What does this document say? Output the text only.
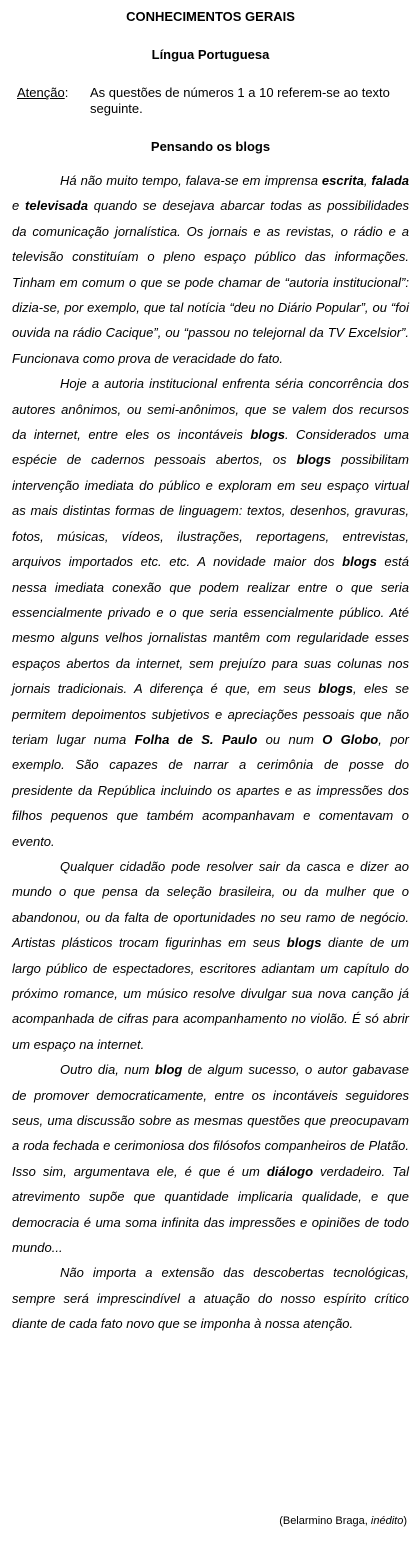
CONHECIMENTOS GERAIS

Língua Portuguesa

Atenção:	As questões de números 1 a 10 referem-se ao texto seguinte.

Pensando os blogs

Há não muito tempo, falava-se em imprensa escrita, falada e televisada quando se desejava abarcar todas as possibilidades da comunicação jornalística. Os jornais e as revistas, o rádio e a televisão constituíam o pleno espaço público das informações. Tinham em comum o que se pode chamar de “autoria institucional”: dizia-se, por exemplo, que tal notícia “deu no Diário Popular”, ou “foi ouvida na rádio Cacique”, ou “passou no telejornal da TV Excelsior”. Funcionava como prova de veracidade do fato.

Hoje a autoria institucional enfrenta séria concorrência dos autores anônimos, ou semi-anônimos, que se valem dos recursos da internet, entre eles os incontáveis blogs. Considerados uma espécie de cadernos pessoais abertos, os blogs possibilitam intervenção imediata do público e exploram em seu espaço virtual as mais distintas formas de linguagem: textos, desenhos, gravuras, fotos, músicas, vídeos, ilustrações, reportagens, entrevistas, arquivos importados etc. etc. A novidade maior dos blogs está nessa imediata conexão que podem realizar entre o que seria essencialmente privado e o que seria essencialmente público. Até mesmo alguns velhos jornalistas mantêm com regularidade esses espaços abertos da internet, sem prejuízo para suas colunas nos jornais tradicionais. A diferença é que, em seus blogs, eles se permitem depoimentos subjetivos e apreciações pessoais que não teriam lugar numa Folha de S. Paulo ou num O Globo, por exemplo. São capazes de narrar a cerimônia de posse do presidente da República incluindo os apartes e as impressões dos filhos pequenos que também acompanhavam e comentavam o evento.

Qualquer cidadão pode resolver sair da casca e dizer ao mundo o que pensa da seleção brasileira, ou da mulher que o abandonou, ou da falta de oportunidades no seu ramo de negócio. Artistas plásticos trocam figurinhas em seus blogs diante de um largo público de espectadores, escritores adiantam um capítulo do próximo romance, um músico resolve divulgar sua nova canção já acompanhada de cifras para acompanhamento no violão. É só abrir um espaço na internet.

Outro dia, num blog de algum sucesso, o autor gabavase de promover democraticamente, entre os incontáveis seguidores seus, uma discussão sobre as mesmas questões que preocupavam a roda fechada e cerimoniosa dos filósofos companheiros de Platão. Isso sim, argumentava ele, é que é um diálogo verdadeiro. Tal atrevimento supõe que quantidade implicaria qualidade, e que democracia é uma soma infinita das impressões e opiniões de todo mundo...

Não importa a extensão das descobertas tecnológicas, sempre será imprescindível a atuação do nosso espírito crítico diante de cada fato novo que se imponha à nossa atenção.

(Belarmino Braga, inédito)
